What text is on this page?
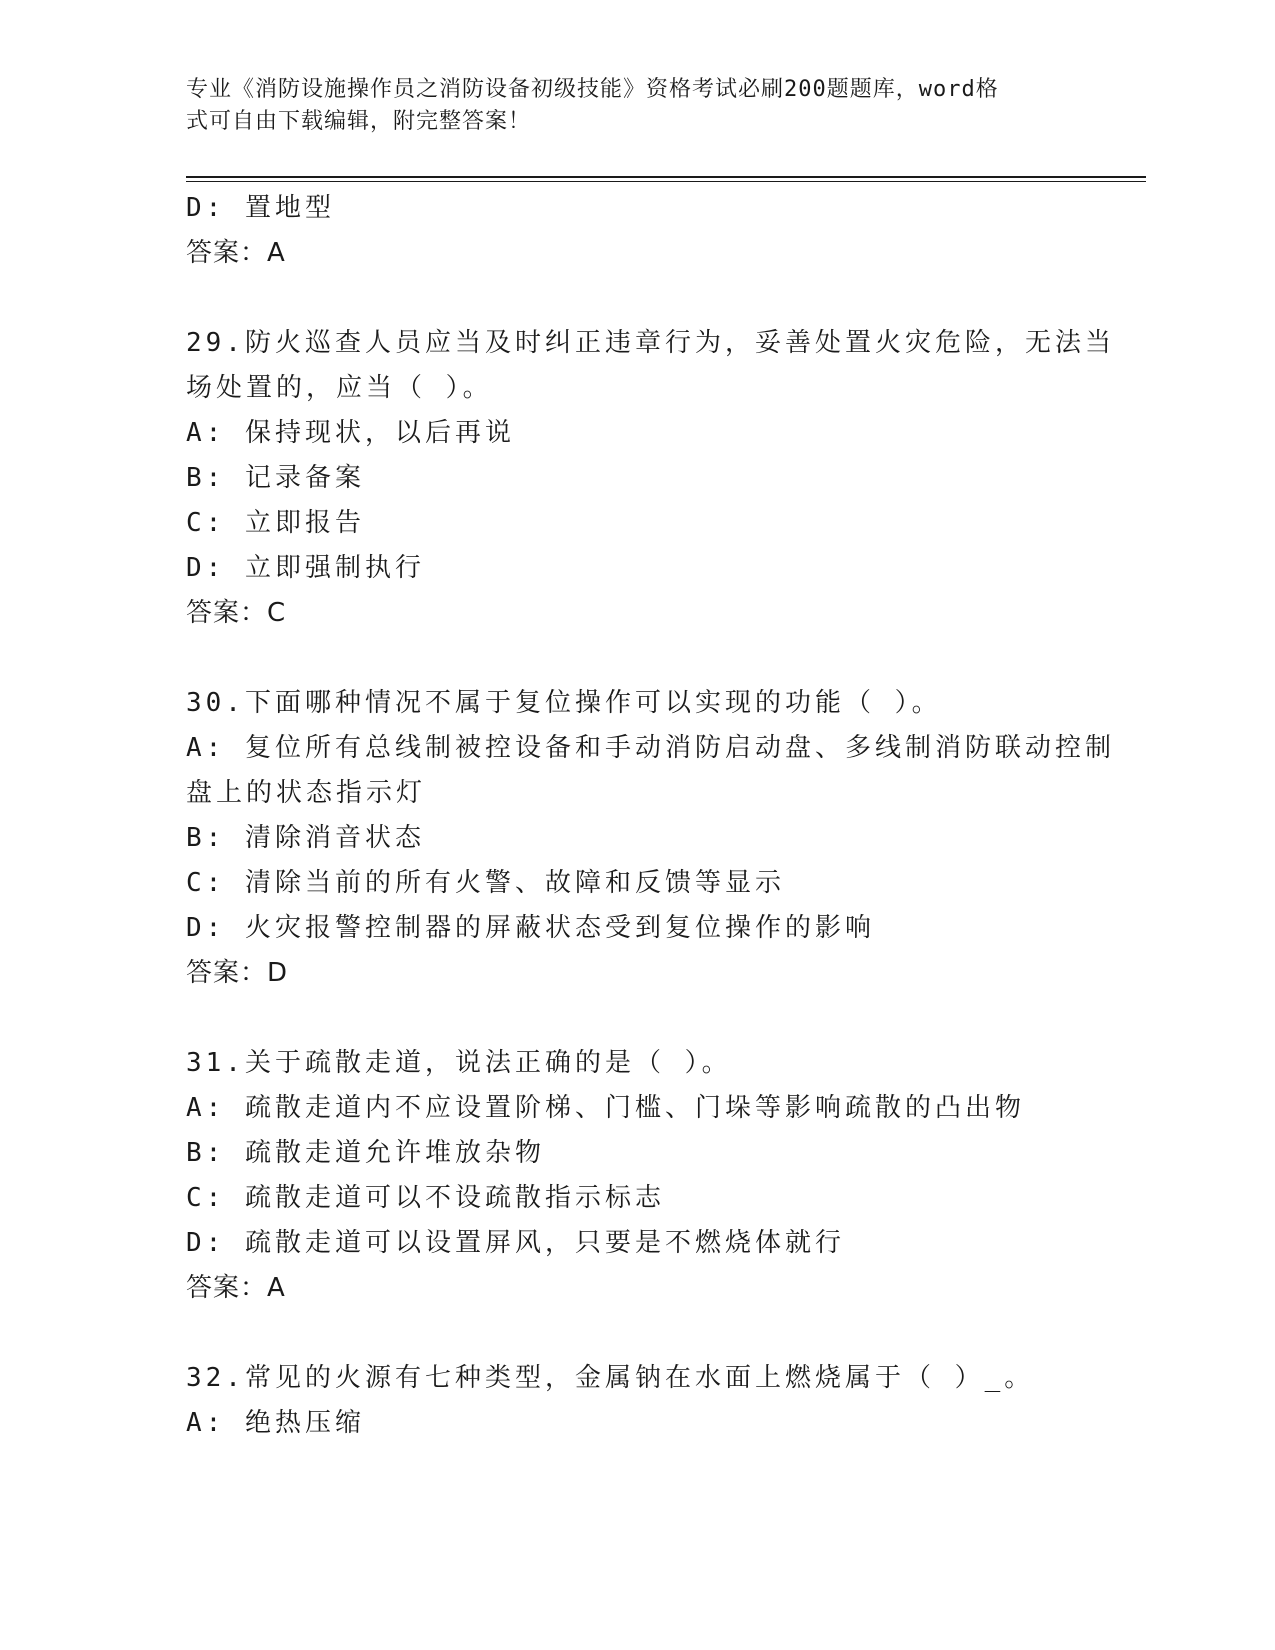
专业《消防设施操作员之消防设备初级技能》资格考试必刷200题题库，word格
式可自由下载编辑，附完整答案！
D: 置地型
答案：A
29.防火巡查人员应当及时纠正违章行为，妥善处置火灾危险，无法当
场处置的，应当（ ）。
A: 保持现状，以后再说
B: 记录备案
C: 立即报告
D: 立即强制执行
答案：C
30.下面哪种情况不属于复位操作可以实现的功能（ ）。
A: 复位所有总线制被控设备和手动消防启动盘、多线制消防联动控制
盘上的状态指示灯
B: 清除消音状态
C: 清除当前的所有火警、故障和反馈等显示
D: 火灾报警控制器的屏蔽状态受到复位操作的影响
答案：D
31.关于疏散走道，说法正确的是（ ）。
A: 疏散走道内不应设置阶梯、门槛、门垛等影响疏散的凸出物
B: 疏散走道允许堆放杂物
C: 疏散走道可以不设疏散指示标志
D: 疏散走道可以设置屏风，只要是不燃烧体就行
答案：A
32.常见的火源有七种类型，金属钠在水面上燃烧属于（ ）_。
A: 绝热压缩
